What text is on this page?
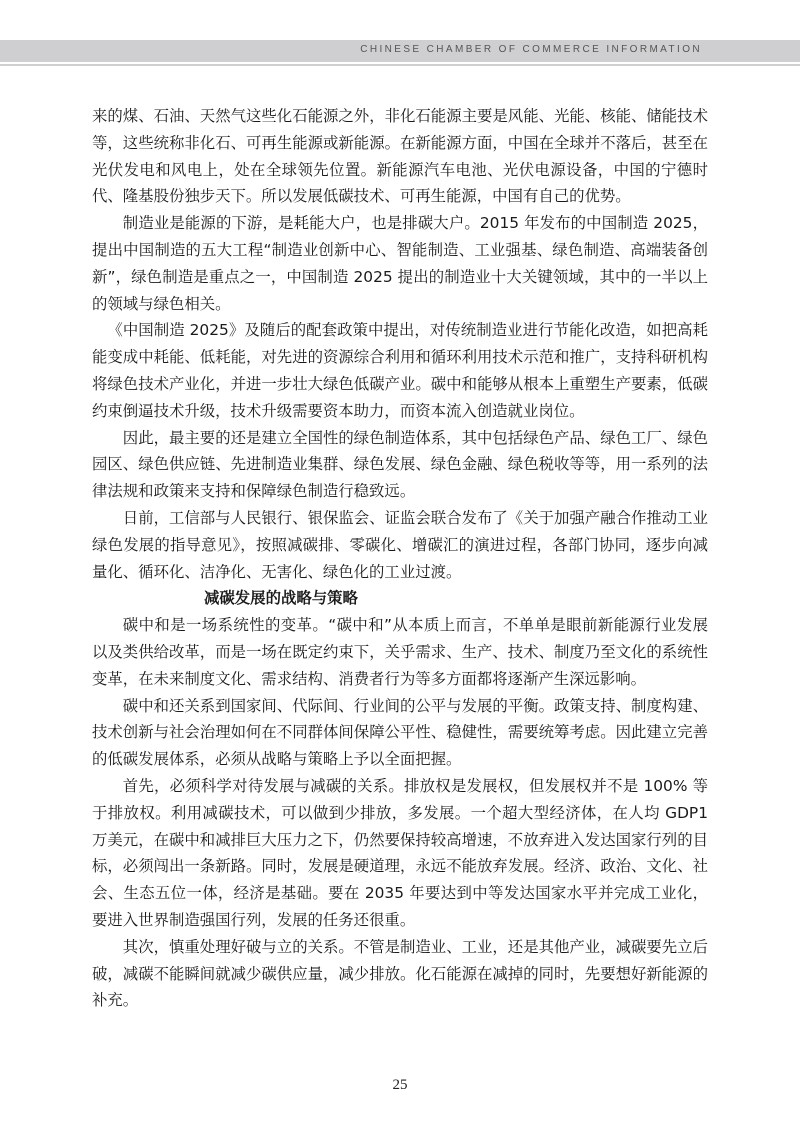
CHINESE CHAMBER OF COMMERCE INFORMATION

来的煤、石油、天然气这些化石能源之外，非化石能源主要是风能、光能、核能、储能技术等，这些统称非化石、可再生能源或新能源。在新能源方面，中国在全球并不落后，甚至在光伏发电和风电上，处在全球领先位置。新能源汽车电池、光伏电源设备，中国的宁德时代、隆基股份独步天下。所以发展低碳技术、可再生能源，中国有自己的优势。

制造业是能源的下游，是耗能大户，也是排碳大户。2015 年发布的中国制造 2025，提出中国制造的五大工程“制造业创新中心、智能制造、工业强基、绿色制造、高端装备创新”，绿色制造是重点之一，中国制造 2025 提出的制造业十大关键领域，其中的一半以上的领域与绿色相关。

《中国制造 2025》及随后的配套政策中提出，对传统制造业进行节能化改造，如把高耗能变成中耗能、低耗能，对先进的资源综合利用和循环利用技术示范和推广，支持科研机构将绿色技术产业化，并进一步壮大绿色低碳产业。碳中和能够从根本上重塑生产要素，低碳约束倒逼技术升级，技术升级需要资本助力，而资本流入创造就业岗位。

因此，最主要的还是建立全国性的绿色制造体系，其中包括绿色产品、绿色工厂、绿色园区、绿色供应链、先进制造业集群、绿色发展、绿色金融、绿色税收等等，用一系列的法律法规和政策来支持和保障绿色制造行稳致远。

日前，工信部与人民银行、银保监会、证监会联合发布了《关于加强产融合作推动工业绿色发展的指导意见》，按照减碳排、零碳化、增碳汇的演进过程，各部门协同，逐步向减量化、循环化、洁净化、无害化、绿色化的工业过渡。

减碳发展的战略与策略

碳中和是一场系统性的变革。“碳中和”从本质上而言，不单单是眼前新能源行业发展以及类供给改革，而是一场在既定约束下，关乎需求、生产、技术、制度乃至文化的系统性变革，在未来制度文化、需求结构、消费者行为等多方面都将逐渐产生深远影响。

碳中和还关系到国家间、代际间、行业间的公平与发展的平衡。政策支持、制度构建、技术创新与社会治理如何在不同群体间保障公平性、稳健性，需要统筹考虑。因此建立完善的低碳发展体系，必须从战略与策略上予以全面把握。

首先，必须科学对待发展与减碳的关系。排放权是发展权，但发展权并不是 100% 等于排放权。利用减碳技术，可以做到少排放，多发展。一个超大型经济体，在人均 GDP1万美元，在碳中和减排巨大压力之下，仍然要保持较高增速，不放弃进入发达国家行列的目标，必须闯出一条新路。同时，发展是硬道理，永远不能放弃发展。经济、政治、文化、社会、生态五位一体，经济是基础。要在 2035 年要达到中等发达国家水平并完成工业化，要进入世界制造强国行列，发展的任务还很重。

其次，慎重处理好破与立的关系。不管是制造业、工业，还是其他产业，减碳要先立后破，减碳不能瞬间就减少碳供应量，减少排放。化石能源在减掉的同时，先要想好新能源的补充。

25
